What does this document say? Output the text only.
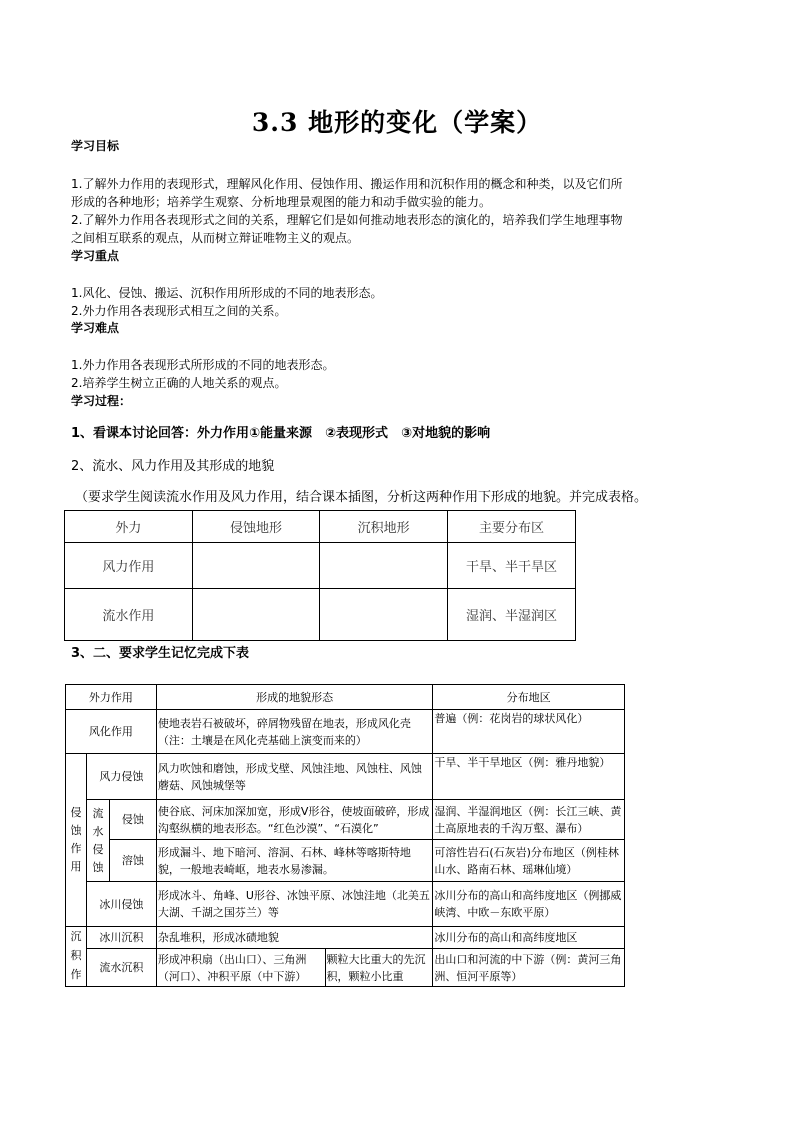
3.3 地形的变化（学案）
学习目标
1.了解外力作用的表现形式，理解风化作用、侵蚀作用、搬运作用和沉积作用的概念和种类，以及它们所
形成的各种地形；培养学生观察、分析地理景观图的能力和动手做实验的能力。
2.了解外力作用各表现形式之间的关系，理解它们是如何推动地表形态的演化的，培养我们学生地理事物
之间相互联系的观点，从而树立辩证唯物主义的观点。
学习重点
1.风化、侵蚀、搬运、沉积作用所形成的不同的地表形态。
2.外力作用各表现形式相互之间的关系。
学习难点
1.外力作用各表现形式所形成的不同的地表形态。
2.培养学生树立正确的人地关系的观点。
学习过程：
1、看课本讨论回答：外力作用①能量来源　②表现形式　③对地貌的影响
2、流水、风力作用及其形成的地貌
（要求学生阅读流水作用及风力作用，结合课本插图，分析这两种作用下形成的地貌。并完成表格。
外力	侵蚀地形	沉积地形	主要分布区
风力作用			干旱、半干旱区
流水作用			湿润、半湿润区
3、二、要求学生记忆完成下表
外力作用			形成的地貌形态		分布地区
风化作用			使地表岩石被破坏，碎屑物残留在地表，形成风化壳（注：土壤是在风化壳基础上演变而来的）		普遍（例：花岗岩的球状风化）
侵蚀作用	风力侵蚀		风力吹蚀和磨蚀，形成戈壁、风蚀洼地、风蚀柱、风蚀蘑菇、风蚀城堡等		干旱、半干旱地区（例：雅丹地貌）
	流水侵蚀	侵蚀	使谷底、河床加深加宽，形成V形谷，使坡面破碎，形成沟壑纵横的地表形态。“红色沙漠”、“石漠化”		湿润、半湿润地区（例：长江三峡、黄土高原地表的千沟万壑、瀑布）
		溶蚀	形成漏斗、地下暗河、溶洞、石林、峰林等喀斯特地貌，一般地表崎岖，地表水易渗漏。		可溶性岩石(石灰岩)分布地区（例桂林山水、路南石林、瑶琳仙境）
	冰川侵蚀		形成冰斗、角峰、U形谷、冰蚀平原、冰蚀洼地（北美五大湖、千湖之国芬兰）等		冰川分布的高山和高纬度地区（例挪威峡湾、中欧－东欧平原）
沉积作	冰川沉积		杂乱堆积，形成冰碛地貌		冰川分布的高山和高纬度地区
	流水沉积		形成冲积扇（出山口）、三角洲（河口）、冲积平原（中下游）	颗粒大比重大的先沉积，颗粒小比重	出山口和河流的中下游（例：黄河三角洲、恒河平原等）
